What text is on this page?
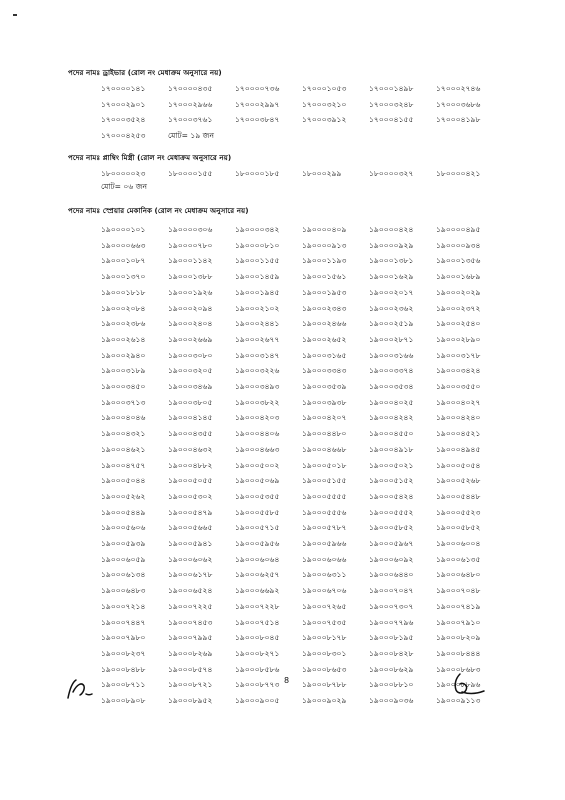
পদের নামঃ ড্রাইভার (রোল নং মেধাক্রম অনুসারে নয়)
১৭০০০০১৪১	১৭০০০০৪৩৫	১৭০০০০৭৩৬	১৭০০০১০৫৩	১৭০০০১৪৯৮	১৭০০০২৭৪৬
১৭০০০২৯০১	১৭০০০২৯৬৬	১৭০০০২৯৯৭	১৭০০০৩২১০	১৭০০০৩২৪৮	১৭০০০৩৬৮৬
১৭০০০৩৫২৪	১৭০০০৩৭৬১	১৭০০০৩৮৪৭	১৭০০০৩৯১২	১৭০০০৪১৫৫	১৭০০০৪১৯৮
১৭০০০৪২৫৩	মোট= ১৯ জন
পদের নামঃ প্লাম্বিং মিস্ত্রী (রোল নং মেধাক্রম অনুসারে নয়)
১৮০০০০০২৩	১৮০০০০১৫৫	১৮০০০০১৮৫	১৮০০০২৯৯	১৮০০০০৩২৭	১৮০০০০৪২১
মোট= ০৬ জন
পদের নামঃ স্প্রেয়ার মেকানিক (রোল নং মেধাক্রম অনুসারে নয়)
১৯০০০০১০১	১৯০০০০৩০৬	১৯০০০০৩৪২	১৯০০০০৪০৯	১৯০০০০৪২৪	১৯০০০০৪৯৫
১৯০০০০৬৬৩	১৯০০০০৭৮০	১৯০০০০৮১০	১৯০০০০৯১৩	১৯০০০০৯২৯	১৯০০০০৯৩৪
১৯০০০১০৮৭	১৯০০০১১৪২	১৯০০০১১৫৫	১৯০০০১১৯৩	১৯০০০১৩৮১	১৯০০০১৩৫৬
১৯০০০১৩৭০	১৯০০০১৩৮৮	১৯০০০১৪৫৯	১৯০০০১৫৬১	১৯০০০১৬২৯	১৯০০০১৬৮৯
১৯০০০১৮১৮	১৯০০০১৯২৬	১৯০০০১৯৪৫	১৯০০০১৯৫৩	১৯০০০২০১৭	১৯০০০২০২৯
১৯০০০২০৮৪	১৯০০০২০৯৪	১৯০০০২১০২	১৯০০০২৩৪৩	১৯০০০২৩৬২	১৯০০০২৩৭২
১৯০০০২৩৮৬	১৯০০০২৪০৪	১৯০০০২৪৪১	১৯০০০২৪৬৬	১৯০০০২৫১৯	১৯০০০২৫৪০
১৯০০০২৬১৪	১৯০০০২৬৬৯	১৯০০০২৬৭৭	১৯০০০২৬৫২	১৯০০০২৮৭১	১৯০০০২৮৯০
১৯০০০২৯৪০	১৯০০০৩০৮০	১৯০০০৩১৪৭	১৯০০০৩১৬৫	১৯০০০৩১৬৬	১৯০০০৩১৭৮
১৯০০০৩১৮৯	১৯০০০৩২০৫	১৯০০০৩২২৬	১৯০০০৩৩৪৩	১৯০০০৩৩৭৪	১৯০০০৩৪২৪
১৯০০০৩৪৫০	১৯০০০৩৪৬৯	১৯০০০৩৪৯৩	১৯০০০৩৫৩৯	১৯০০০৩৫৩৪	১৯০০০৩৫৫০
১৯০০০৩৭১৩	১৯০০০৩৮০৫	১৯০০০৩৮২২	১৯০০০৩৯৩৮	১৯০০০৪০২৫	১৯০০০৪০২৭
১৯০০০৪০৪৬	১৯০০০৪১৪৫	১৯০০০৪২০৩	১৯০০০৪২০৭	১৯০০০৪২৪২	১৯০০০৪২৪০
১৯০০০৪৩২১	১৯০০০৪৩৫৫	১৯০০০৪৪০৬	১৯০০০৪৪৮০	১৯০০০৪৫৫০	১৯০০০৪৫২১
১৯০০০৪৬২১	১৯০০০৪৬৩২	১৯০০০৪৬৬৩	১৯০০০৪৬৬৮	১৯০০০৪৯১৮	১৯০০০৪৯৪৫
১৯০০০৪৭৫৭	১৯০০০৪৮৮২	১৯০০০৫০০২	১৯০০০৫০১৮	১৯০০০৫০২১	১৯০০০৫০৫৪
১৯০০০৫০৪৪	১৯০০০৫০৫৫	১৯০০০৫০৬৯	১৯০০০৫১৫৫	১৯০০০৫১৫২	১৯০০০৫২৬৮
১৯০০০৫২৬২	১৯০০০৫৩০২	১৯০০০৫৩৫৫	১৯০০০৫৫৫৫	১৯০০০৫৪২৪	১৯০০০৫৪৪৮
১৯০০০৫৪৪৯	১৯০০০৫৪৭৯	১৯০০০৫৫৮৫	১৯০০০৫৫৫৬	১৯০০০৫৫৫২	১৯০০০৫৫২৩
১৯০০০৫৬০৬	১৯০০০৫৬৬৫	১৯০০০৫৭১৫	১৯০০০৫৭৮৭	১৯০০০৫৮৫২	১৯০০০৫৮৫২
১৯০০০৫৯৩৯	১৯০০০৫৯৪১	১৯০০০৫৯৫৬	১৯০০০৫৯৬৬	১৯০০০৫৯৬৭	১৯০০০৬০০৪
১৯০০০৬০৫৯	১৯০০০৬০৬২	১৯০০০৬০৬৪	১৯০০০৬০৬৬	১৯০০০৬০৯২	১৯০০০৬১৩৫
১৯০০০৬১৩৪	১৯০০০৬১৭৮	১৯০০০৬২৫৭	১৯০০০৬৩১১	১৯০০০৬৪৪০	১৯০০০৬৪৮০
১৯০০০৬৪৮৩	১৯০০০৬৫২৪	১৯০০০৬৬৯২	১৯০০০৬৭০৬	১৯০০০৭০৪৭	১৯০০০৭০৪৮
১৯০০০৭২১৪	১৯০০০৭২২৫	১৯০০০৭২২৮	১৯০০০৭২৬৫	১৯০০০৭৩০৭	১৯০০০৭৪১৯
১৯০০০৭৪৪৭	১৯০০০৭৪৫৩	১৯০০০৭৫১৪	১৯০০০৭৫৩৫	১৯০০০৭৭৯৬	১৯০০০৭৯১০
১৯০০০৭৯৮০	১৯০০০৭৯৯৫	১৯০০০৮০৪৫	১৯০০০৮১৭৮	১৯০০০৮১৯৫	১৯০০০৮২০৯
১৯০০০৮২৩৭	১৯০০০৮২৬৯	১৯০০০৮২৭১	১৯০০০৮৩০১	১৯০০০৮৪২৮	১৯০০০৮৪৪৪
১৯০০০৮৪৮৮	১৯০০০৮৫৭৪	১৯০০০৮৫৮৬	১৯০০০৮৬৫৩	১৯০০০৮৬২৯	১৯০০০৮৬৮৩
১৯০০০৮৭১১	১৯০০০৮৭২১	১৯০০০৮৭৭৩	১৯০০০৮৭৮৮	১৯০০০৮৮১০	১৯০০০৮৮৯৬
১৯০০০৮৯০৮	১৯০০০৮৯৫২	১৯০০০৯০০৫	১৯০০০৯০২৯	১৯০০০৯০৩৬	১৯০০০৯১১৩
8
